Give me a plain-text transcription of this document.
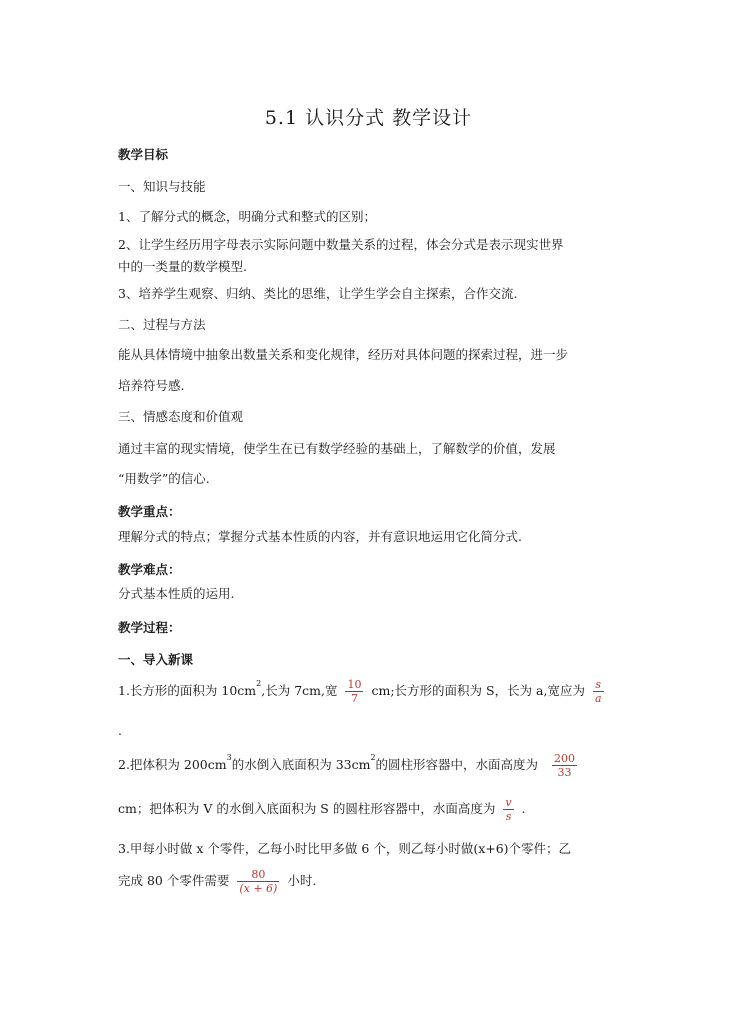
5.1 认识分式 教学设计
教学目标
一、知识与技能
1、了解分式的概念，明确分式和整式的区别；
2、让学生经历用字母表示实际问题中数量关系的过程，体会分式是表示现实世界
中的一类量的数学模型.
3、培养学生观察、归纳、类比的思维，让学生学会自主探索，合作交流.
二、过程与方法
能从具体情境中抽象出数量关系和变化规律，经历对具体问题的探索过程，进一步
培养符号感.
三、情感态度和价值观
通过丰富的现实情境，使学生在已有数学经验的基础上，了解数学的价值，发展
“用数学”的信心.
教学重点：
理解分式的特点；掌握分式基本性质的内容，并有意识地运用它化简分式.
教学难点：
分式基本性质的运用.
教学过程：
一、导入新课
1.长方形的面积为 $10cm^2$,长为 7cm,宽 $\frac{10}{7}$ cm;长方形的面积为 S，长为 a,宽应为 $\frac{s}{a}$
.
2.把体积为 $200cm^3$的水倒入底面积为 $33cm^2$的圆柱形容器中，水面高度为 $\frac{200}{33}$
cm；把体积为 V 的水倒入底面积为 S 的圆柱形容器中，水面高度为 $\frac{v}{s}$ .
3.甲每小时做 x 个零件，乙每小时比甲多做 6 个，则乙每小时做(x+6)个零件；乙
完成 80 个零件需要 $\frac{80}{(x + 6)}$ 小时.
